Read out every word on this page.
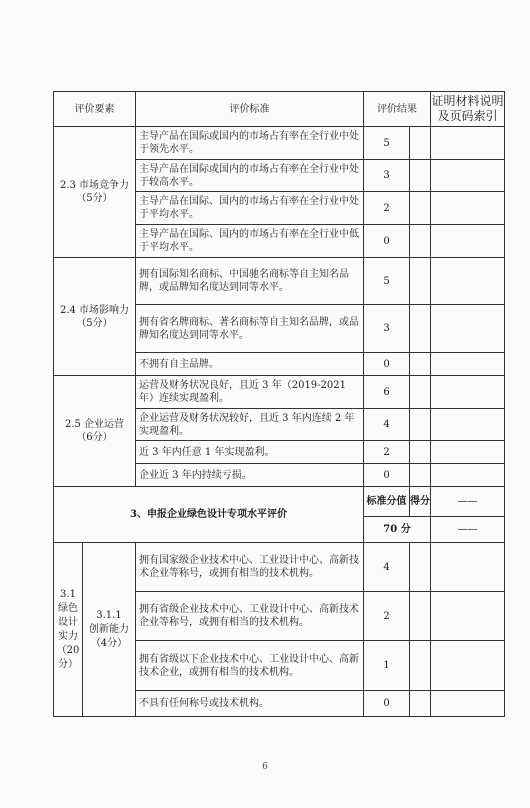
评价要素		评价标准	评价结果		证明材料说明
及页码索引
2.3 市场竞争力
（5分）		主导产品在国际或国内的市场占有率在全行业中处于领先水平。	5		
		主导产品在国际或国内的市场占有率在全行业中处于较高水平。	3		
		主导产品在国际、国内的市场占有率在全行业中处于平均水平。	2		
		主导产品在国际、国内的市场占有率在全行业中低于平均水平。	0		
2.4 市场影响力
（5分）		拥有国际知名商标、中国驰名商标等自主知名品牌，或品牌知名度达到同等水平。	5		
		拥有省名牌商标、著名商标等自主知名品牌，或品牌知名度达到同等水平。	3		
		不拥有自主品牌。	0		
2.5 企业运营
（6分）		运营及财务状况良好，且近 3 年（2019-2021 年）连续实现盈利。	6		
		企业运营及财务状况较好，且近 3 年内连续 2 年实现盈利。	4		
		近 3 年内任意 1 年实现盈利。	2		
		企业近 3 年内持续亏损。	0		
3、申报企业绿色设计专项水平评价			标准分值	得分	——
			70 分		——
3.1 绿色
设计实力
（20分）	3.1.1
创新能力
（4分）	拥有国家级企业技术中心、工业设计中心、高新技术企业等称号，或拥有相当的技术机构。	4		
		拥有省级企业技术中心、工业设计中心、高新技术企业等称号，或拥有相当的技术机构。	2		
		拥有省级以下企业技术中心、工业设计中心、高新技术企业，或拥有相当的技术机构。	1		
		不具有任何称号或技术机构。	0		
6
